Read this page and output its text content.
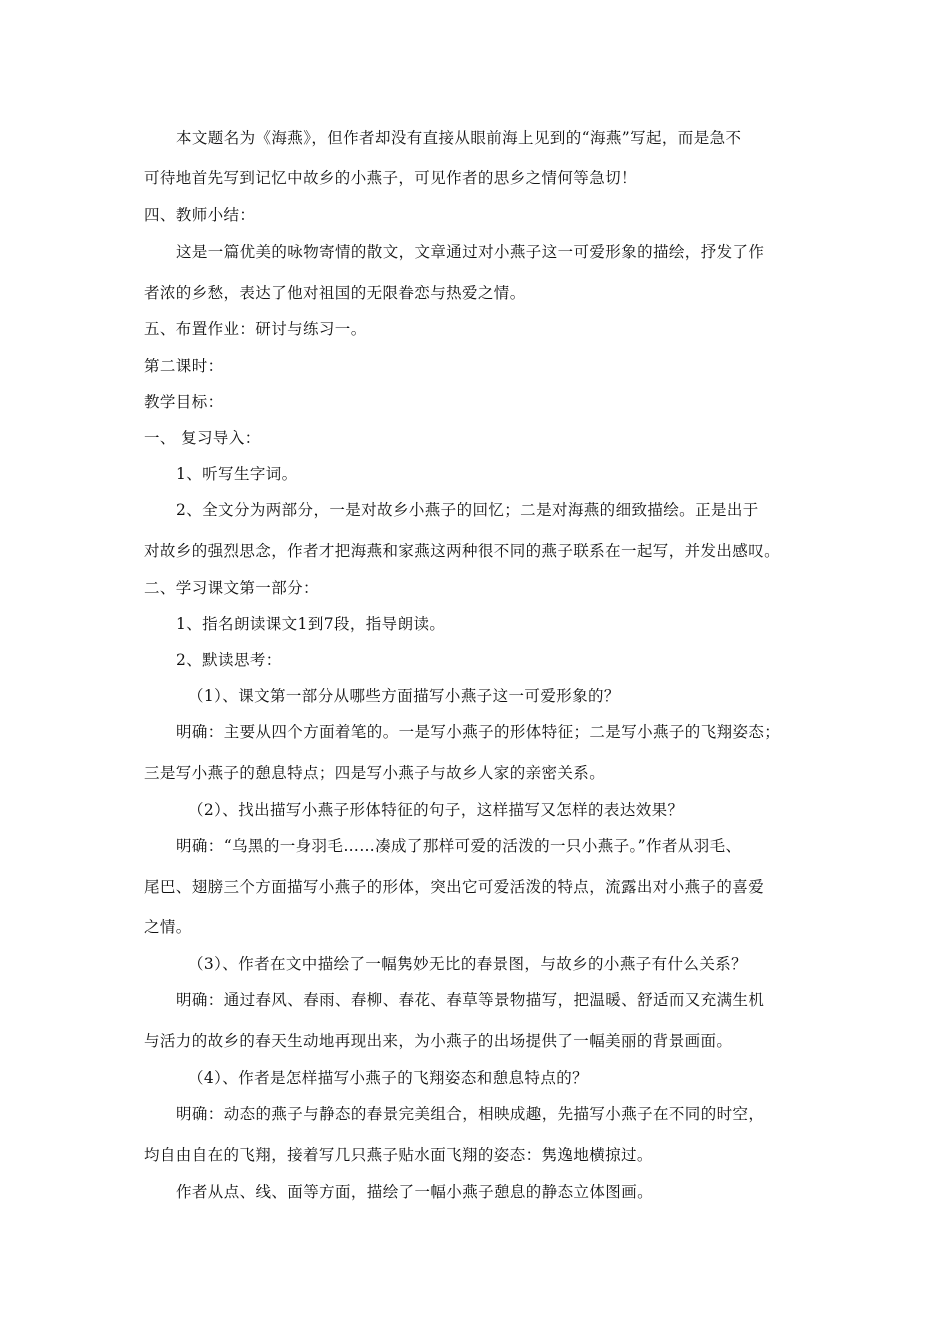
本文题名为《海燕》，但作者却没有直接从眼前海上见到的“海燕”写起，而是急不
可待地首先写到记忆中故乡的小燕子，可见作者的思乡之情何等急切！
四、教师小结：
这是一篇优美的咏物寄情的散文，文章通过对小燕子这一可爱形象的描绘，抒发了作
者浓的乡愁，表达了他对祖国的无限眷恋与热爱之情。
五、布置作业：研讨与练习一。
第二课时：
教学目标：
一、 复习导入：
1、听写生字词。
2、全文分为两部分，一是对故乡小燕子的回忆；二是对海燕的细致描绘。正是出于
对故乡的强烈思念，作者才把海燕和家燕这两种很不同的燕子联系在一起写，并发出感叹。
二、学习课文第一部分：
1、指名朗读课文1到7段，指导朗读。
2、默读思考：
（1）、课文第一部分从哪些方面描写小燕子这一可爱形象的？
明确：主要从四个方面着笔的。一是写小燕子的形体特征；二是写小燕子的飞翔姿态；
三是写小燕子的憩息特点；四是写小燕子与故乡人家的亲密关系。
（2）、找出描写小燕子形体特征的句子，这样描写又怎样的表达效果？
明确：“乌黑的一身羽毛……凑成了那样可爱的活泼的一只小燕子。”作者从羽毛、
尾巴、翅膀三个方面描写小燕子的形体，突出它可爱活泼的特点，流露出对小燕子的喜爱
之情。
（3）、作者在文中描绘了一幅隽妙无比的春景图，与故乡的小燕子有什么关系？
明确：通过春风、春雨、春柳、春花、春草等景物描写，把温暖、舒适而又充满生机
与活力的故乡的春天生动地再现出来，为小燕子的出场提供了一幅美丽的背景画面。
（4）、作者是怎样描写小燕子的飞翔姿态和憩息特点的？
明确：动态的燕子与静态的春景完美组合，相映成趣，先描写小燕子在不同的时空，
均自由自在的飞翔，接着写几只燕子贴水面飞翔的姿态：隽逸地横掠过。
作者从点、线、面等方面，描绘了一幅小燕子憩息的静态立体图画。
